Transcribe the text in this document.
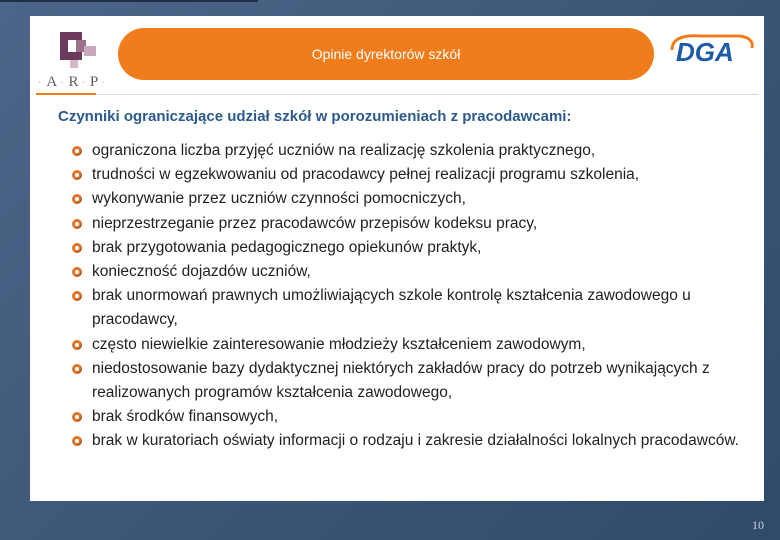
· A · R · P ·
Opinie dyrektorów szkół	DGA
Czynniki ograniczające udział szkół w porozumieniach z pracodawcami:
ograniczona liczba przyjęć uczniów na realizację szkolenia praktycznego,
trudności w egzekwowaniu od pracodawcy pełnej realizacji programu szkolenia,
wykonywanie przez uczniów czynności pomocniczych,
nieprzestrzeganie przez pracodawców przepisów kodeksu pracy,
brak przygotowania pedagogicznego opiekunów praktyk,
konieczność dojazdów uczniów,
brak unormowań prawnych umożliwiających szkole kontrolę kształcenia zawodowego u pracodawcy,
często niewielkie zainteresowanie młodzieży kształceniem zawodowym,
niedostosowanie bazy dydaktycznej niektórych zakładów pracy do potrzeb wynikających z realizowanych programów kształcenia zawodowego,
brak środków finansowych,
brak w kuratoriach oświaty informacji o rodzaju i zakresie działalności lokalnych pracodawców.
10
